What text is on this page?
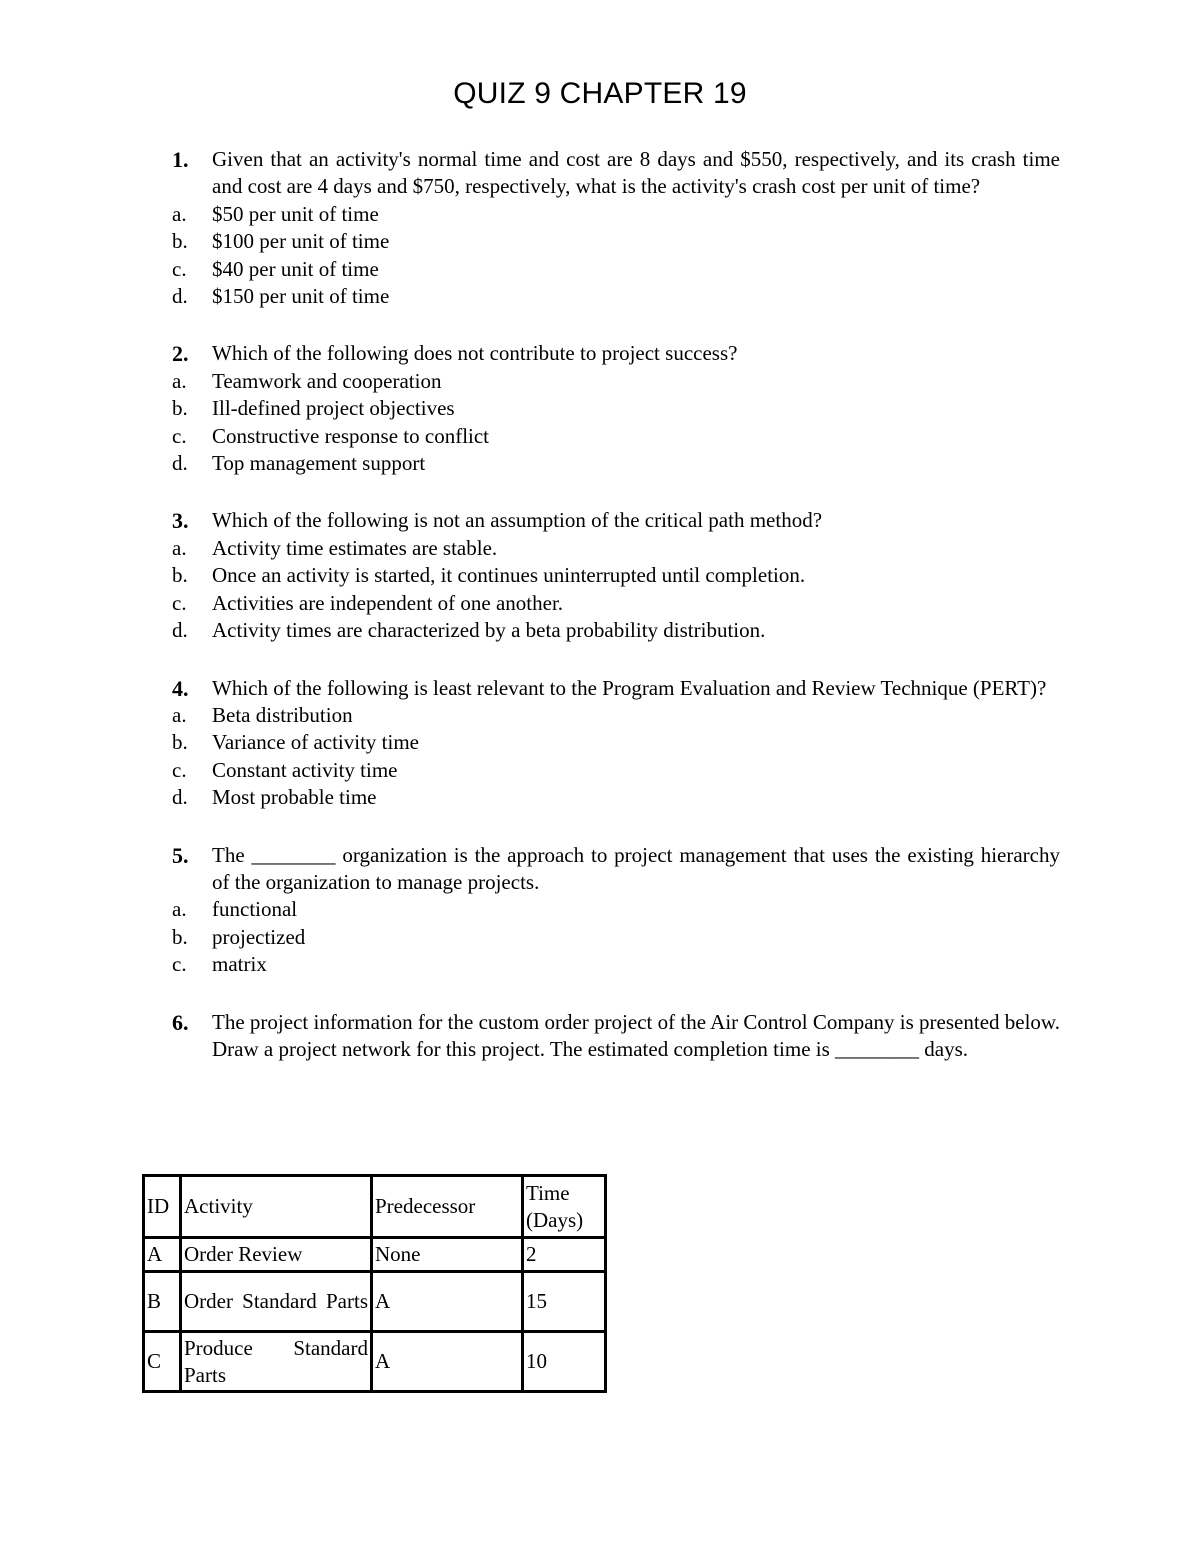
QUIZ 9 CHAPTER 19
1.	Given that an activity's normal time and cost are 8 days and $550, respectively, and its crash time and cost are 4 days and $750, respectively, what is the activity's crash cost per unit of time?
a.	$50 per unit of time
b.	$100 per unit of time
c.	$40 per unit of time
d.	$150 per unit of time
2.	Which of the following does not contribute to project success?
a.	Teamwork and cooperation
b.	Ill-defined project objectives
c.	Constructive response to conflict
d.	Top management support
3.	Which of the following is not an assumption of the critical path method?
a.	Activity time estimates are stable.
b.	Once an activity is started, it continues uninterrupted until completion.
c.	Activities are independent of one another.
d.	Activity times are characterized by a beta probability distribution.
4.	Which of the following is least relevant to the Program Evaluation and Review Technique (PERT)?
a.	Beta distribution
b.	Variance of activity time
c.	Constant activity time
d.	Most probable time
5.	The ________ organization is the approach to project management that uses the existing hierarchy of the organization to manage projects.
a.	functional
b.	projectized
c.	matrix
6.	The project information for the custom order project of the Air Control Company is presented below. Draw a project network for this project. The estimated completion time is ________ days.
ID	Activity	Predecessor	Time (Days)
A	Order Review	None	2
B	Order Standard Parts	A	15
C	Produce Standard Parts	A	10
